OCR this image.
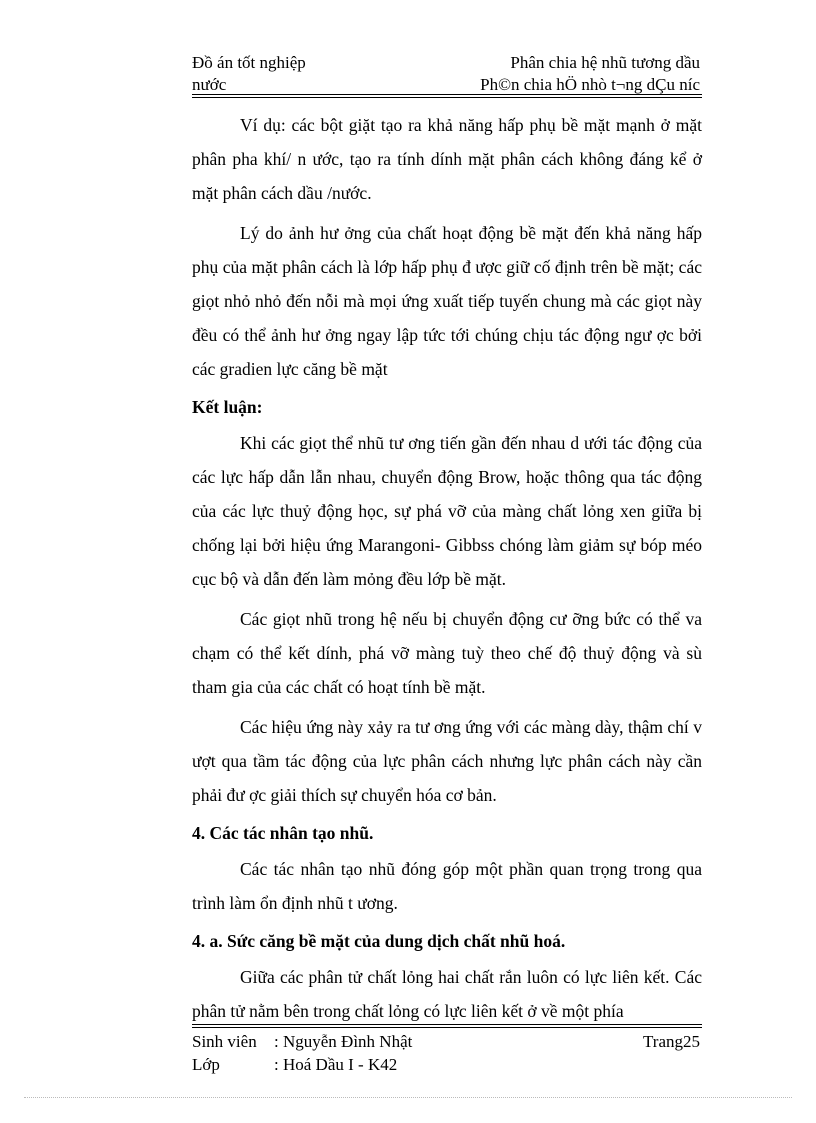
Đồ án tốt nghiệp	Phân chia hệ nhũ tương dầu
nước	Ph©n chia hÖ nhò t¬ng dÇu níc

Ví dụ: các bột giặt tạo ra khả năng hấp phụ bề mặt mạnh ở mặt phân pha khí/ n ước, tạo ra tính dính mặt phân cách không đáng kể ở mặt phân cách dầu /nước.

Lý do ảnh hư ởng của chất hoạt động bề mặt đến khả năng hấp phụ của mặt phân cách là lớp hấp phụ đ ược giữ cố định trên bề mặt; các giọt nhỏ nhỏ đến nỗi mà mọi ứng xuất tiếp tuyến chung mà các giọt này đều có thể ảnh hư ởng ngay lập tức tới chúng chịu tác động ngư ợc bởi các gradien lực căng bề mặt

Kết luận:

Khi các giọt thể nhũ tư ơng tiến gần đến nhau d ưới tác động của các lực hấp dẫn lẫn nhau, chuyển động Brow, hoặc thông qua tác động của các lực thuỷ động học, sự phá vỡ của màng chất lỏng xen giữa bị chống lại bởi hiệu ứng Marangoni- Gibbss chóng làm giảm sự bóp méo cục bộ và dẫn đến làm mỏng đều lớp bề mặt.

Các giọt nhũ trong hệ nếu bị chuyển động cư ỡng bức có thể va chạm có thể kết dính, phá vỡ màng tuỳ theo chế độ thuỷ động và sù tham gia của các chất có hoạt tính bề mặt.

Các hiệu ứng này xảy ra tư ơng ứng với các màng dày, thậm chí v ượt qua tầm tác động của lực phân cách nhưng lực phân cách này cần phải đư ợc giải thích sự chuyển hóa cơ bản.

4. Các tác nhân tạo nhũ.

Các tác nhân tạo nhũ đóng góp một phần quan trọng trong qua trình làm ổn định nhũ t ương.

4. a. Sức căng bề mặt của dung dịch chất nhũ hoá.

Giữa các phân tử chất lỏng hai chất rắn luôn có lực liên kết. Các phân tử nằm bên trong chất lỏng có lực liên kết ở về một phía

Sinh viên	: Nguyễn Đình Nhật	Trang25
Lớp	: Hoá Dầu I - K42
